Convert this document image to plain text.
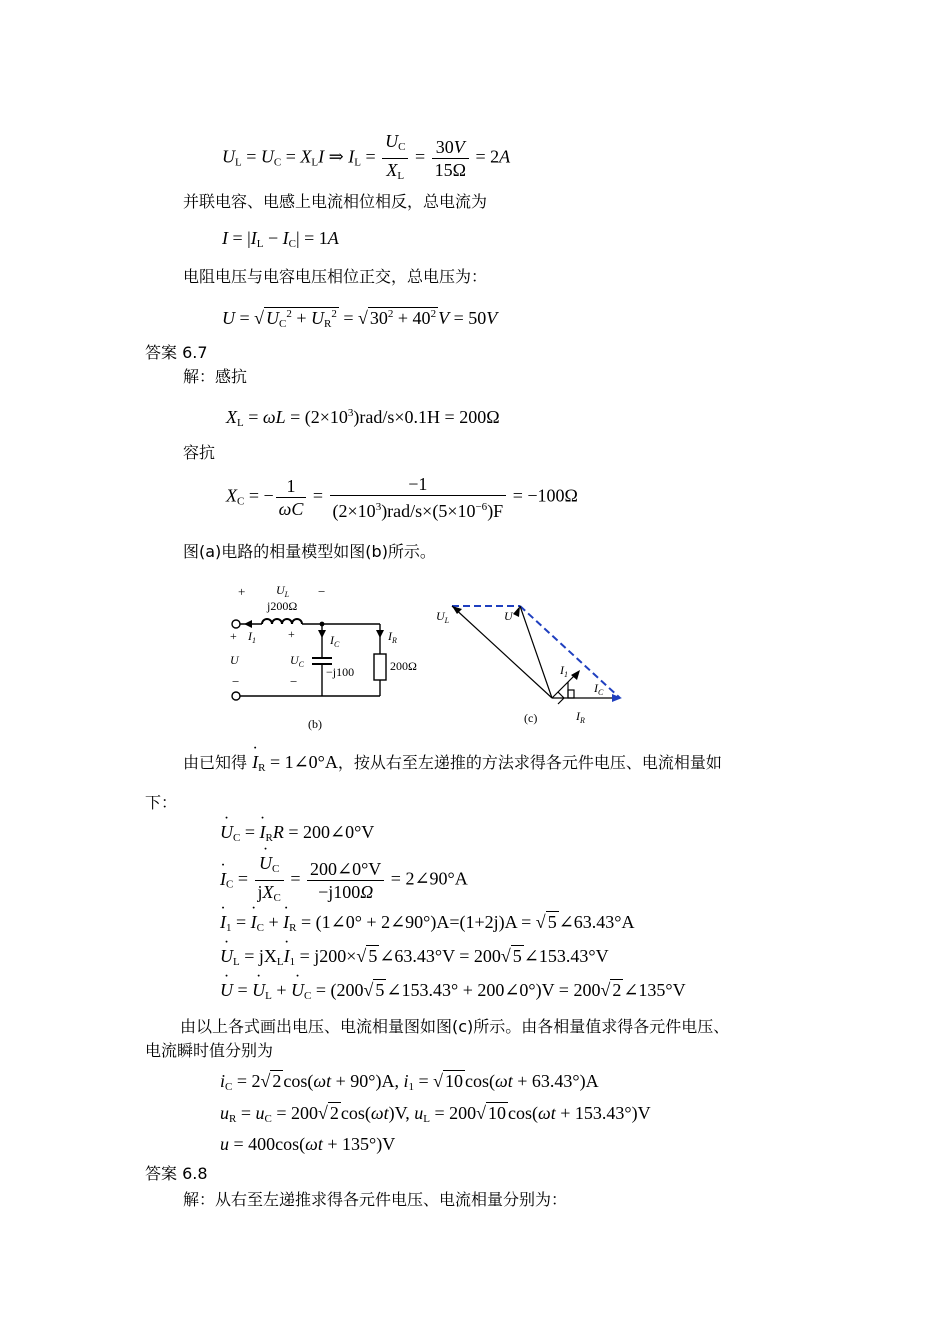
$U_L = U_C = X_LI$ ⇒ $I_L = \frac{U_C}{X_L} = \frac{30V}{15\Omega} = 2A$
并联电容、电感上电流相位相反，总电流为
$I = |I_L - I_C| = 1A$
电阻电压与电容电压相位正交，总电压为：
U = √ $U_C^2 + U_R^2$ = √ $30^2 + 40^2$ V = 50V
答案 6.7
解：感抗
$X_L = \omega L = (2\times 10^3)rad/s\times 0.1H = 200\Omega$
容抗
$X_C$ = − $\frac{1}{\omega C} = \frac{-1}{(2\times 10^3)rad/s\times(5\times 10^{-6})F} = -100\Omega$
图(a)电路的相量模型如图(b)所示。
+	−
$U_L$
j200Ω
+ $I_1$
U
−
+
$U_C$
−
$I_C$
$I_R$
−j100	200Ω
(b)
$U_L$	U
$I_1$
$I_C$
$I_R$
(c)
由已知得 · $I_R$ = 1∠0°A，按从右至左递推的方法求得各元件电压、电流相量如
下：
· $U_C$ = · $I_RR$ = 200∠0°V
· $I_C$ = · $\frac{U_C}{jX_C} = \frac{200\angle 0^\circ V}{-j100\Omega}$ = 2∠90°A
· $I_1$ = · $I_C$ + · $I_R$ = (1∠0° + 2∠90°)A=(1+2j)A = √ 5 ∠63.43°A
· $U_L = jX_L\cdot I_1 = j200\times√$ 5 ∠63.43°V = 200√ 5 ∠153.43°V
· U = · $U_L$ + · $U_C = (200√$ 5 ∠153.43° + 200∠0°)V = 200√ 2 ∠135°V
由以上各式画出电压、电流相量图如图(c)所示。由各相量值求得各元件电压、
电流瞬时值分别为
$i_C = 2√$ 2 cos(ωt + 90°)A, $i_1$ = √ 10 cos(ωt + 63.43°)A
$u_R = u_C = 200√$ 2 cos(ωt)V, $u_L = 200√$ 10 cos(ωt + 153.43°)V
u = 400cos(ωt + 135°)V
答案 6.8
解：从右至左递推求得各元件电压、电流相量分别为：
